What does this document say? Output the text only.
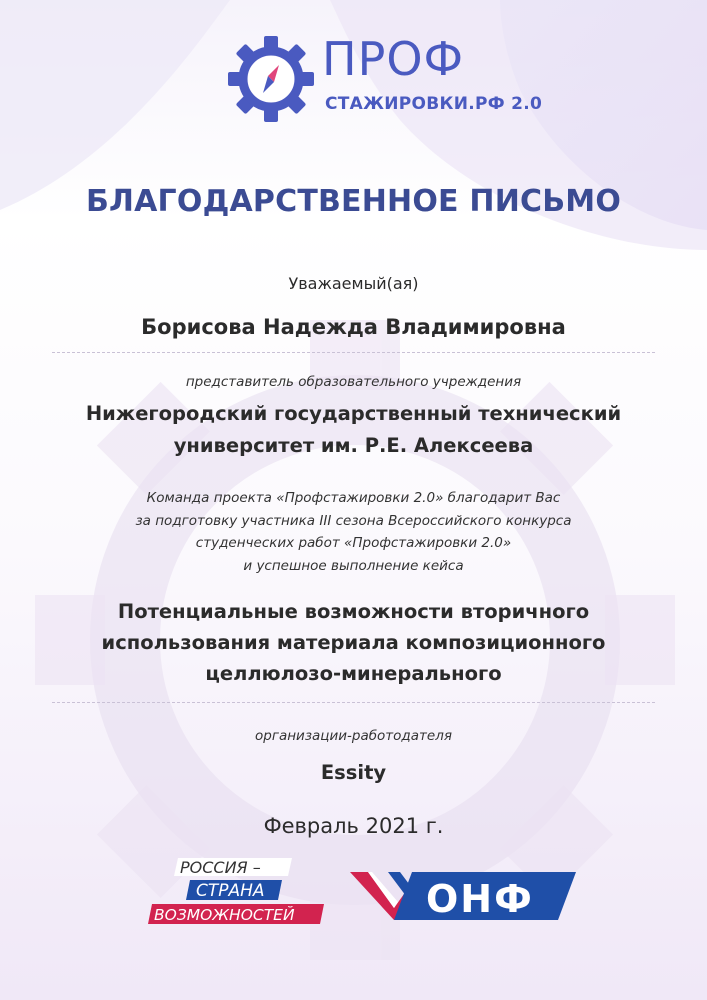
ПРОФ
СТАЖИРОВКИ.РФ 2.0
БЛАГОДАРСТВЕННОЕ ПИСЬМО
Уважаемый(ая)
Борисова Надежда Владимировна
представитель образовательного учреждения
Нижегородский государственный технический
университет им. Р.Е. Алексеева
Команда проекта «Профстажировки 2.0» благодарит Вас
за подготовку участника III сезона Всероссийского конкурса
студенческих работ «Профстажировки 2.0»
и успешное выполнение кейса
Потенциальные возможности вторичного
использования материала композиционного
целлюлозо-минерального
организации-работодателя
Essity
Февраль 2021 г.
РОССИЯ –
СТРАНА
ВОЗМОЖНОСТЕЙ	ОНФ
